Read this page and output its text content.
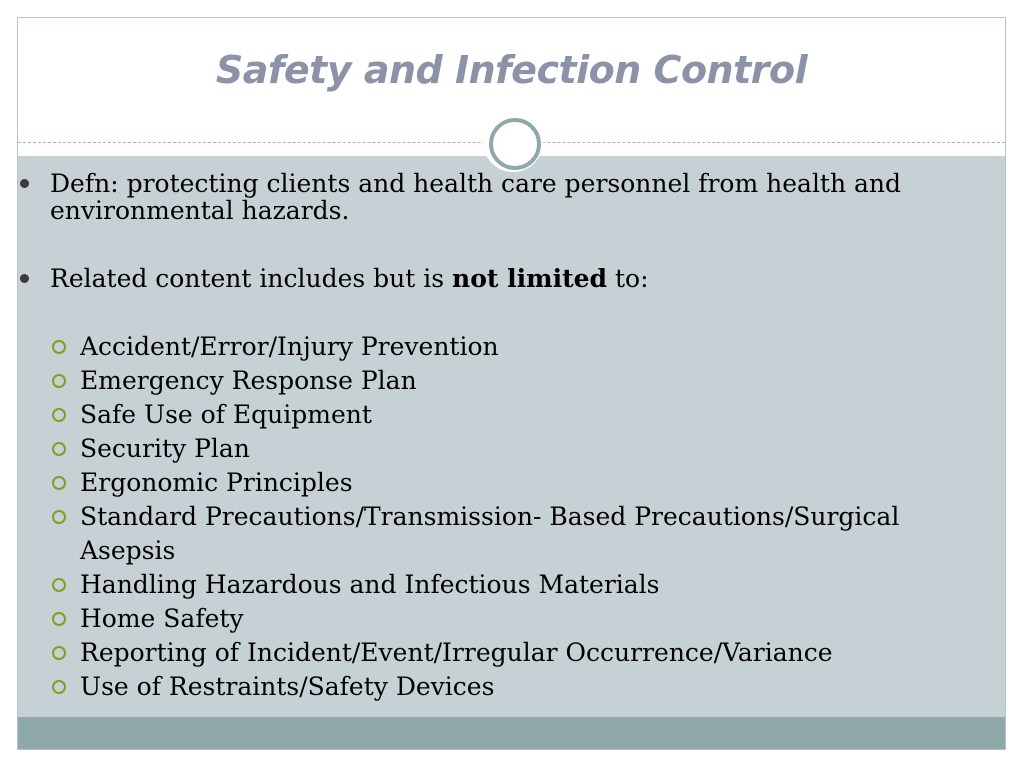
Safety and Infection Control
Defn: protecting clients and health care personnel from health and environmental hazards.
Related content includes but is not limited to:
Accident/Error/Injury Prevention
Emergency Response Plan
Safe Use of Equipment
Security Plan
Ergonomic Principles
Standard Precautions/Transmission- Based Precautions/Surgical Asepsis
Handling Hazardous and Infectious Materials
Home Safety
Reporting of Incident/Event/Irregular Occurrence/Variance
Use of Restraints/Safety Devices
